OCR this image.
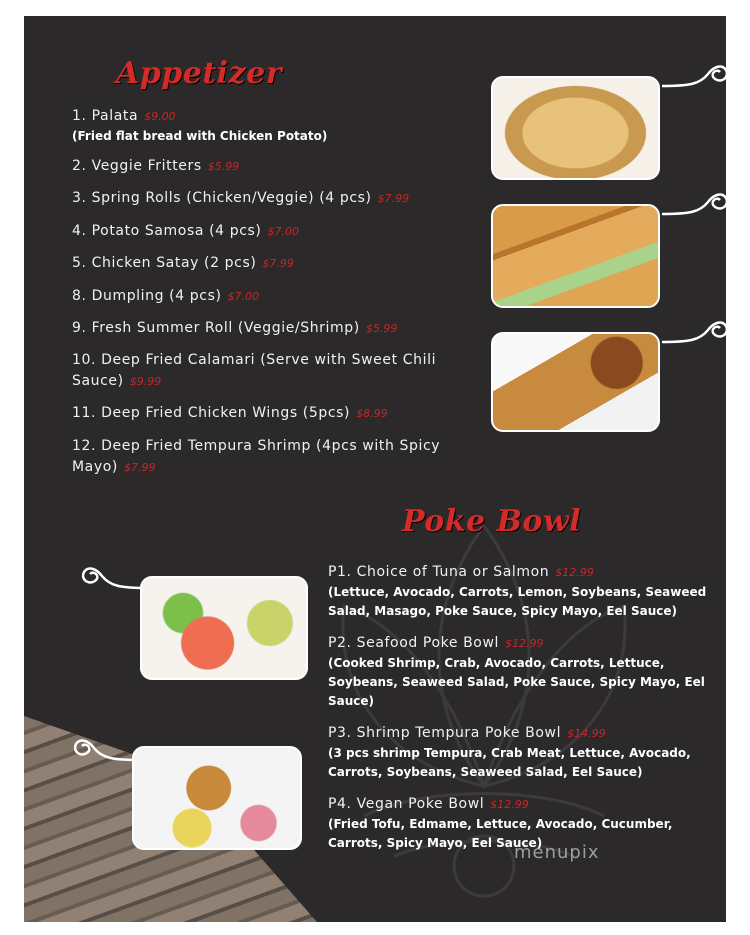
Appetizer
1. Palata $9.00
(Fried flat bread with Chicken Potato)
2. Veggie Fritters $5.99
3. Spring Rolls (Chicken/Veggie) (4 pcs) $7.99
4. Potato Samosa (4 pcs) $7.00
5. Chicken Satay (2 pcs) $7.99
8. Dumpling (4 pcs) $7.00
9. Fresh Summer Roll (Veggie/Shrimp) $5.99
10. Deep Fried Calamari (Serve with Sweet Chili Sauce) $9.99
11. Deep Fried Chicken Wings (5pcs) $8.99
12. Deep Fried Tempura Shrimp (4pcs with Spicy Mayo) $7.99
Poke Bowl
P1. Choice of Tuna or Salmon $12.99
(Lettuce, Avocado, Carrots, Lemon, Soybeans, Seaweed Salad, Masago, Poke Sauce, Spicy Mayo, Eel Sauce)
P2. Seafood Poke Bowl $12.99
(Cooked Shrimp, Crab, Avocado, Carrots, Lettuce, Soybeans, Seaweed Salad, Poke Sauce, Spicy Mayo, Eel Sauce)
P3. Shrimp Tempura Poke Bowl $14.99
(3 pcs shrimp Tempura, Crab Meat, Lettuce, Avocado, Carrots, Soybeans, Seaweed Salad, Eel Sauce)
P4. Vegan Poke Bowl $12.99
(Fried Tofu, Edmame, Lettuce, Avocado, Cucumber, Carrots, Spicy Mayo, Eel Sauce)
menupix
